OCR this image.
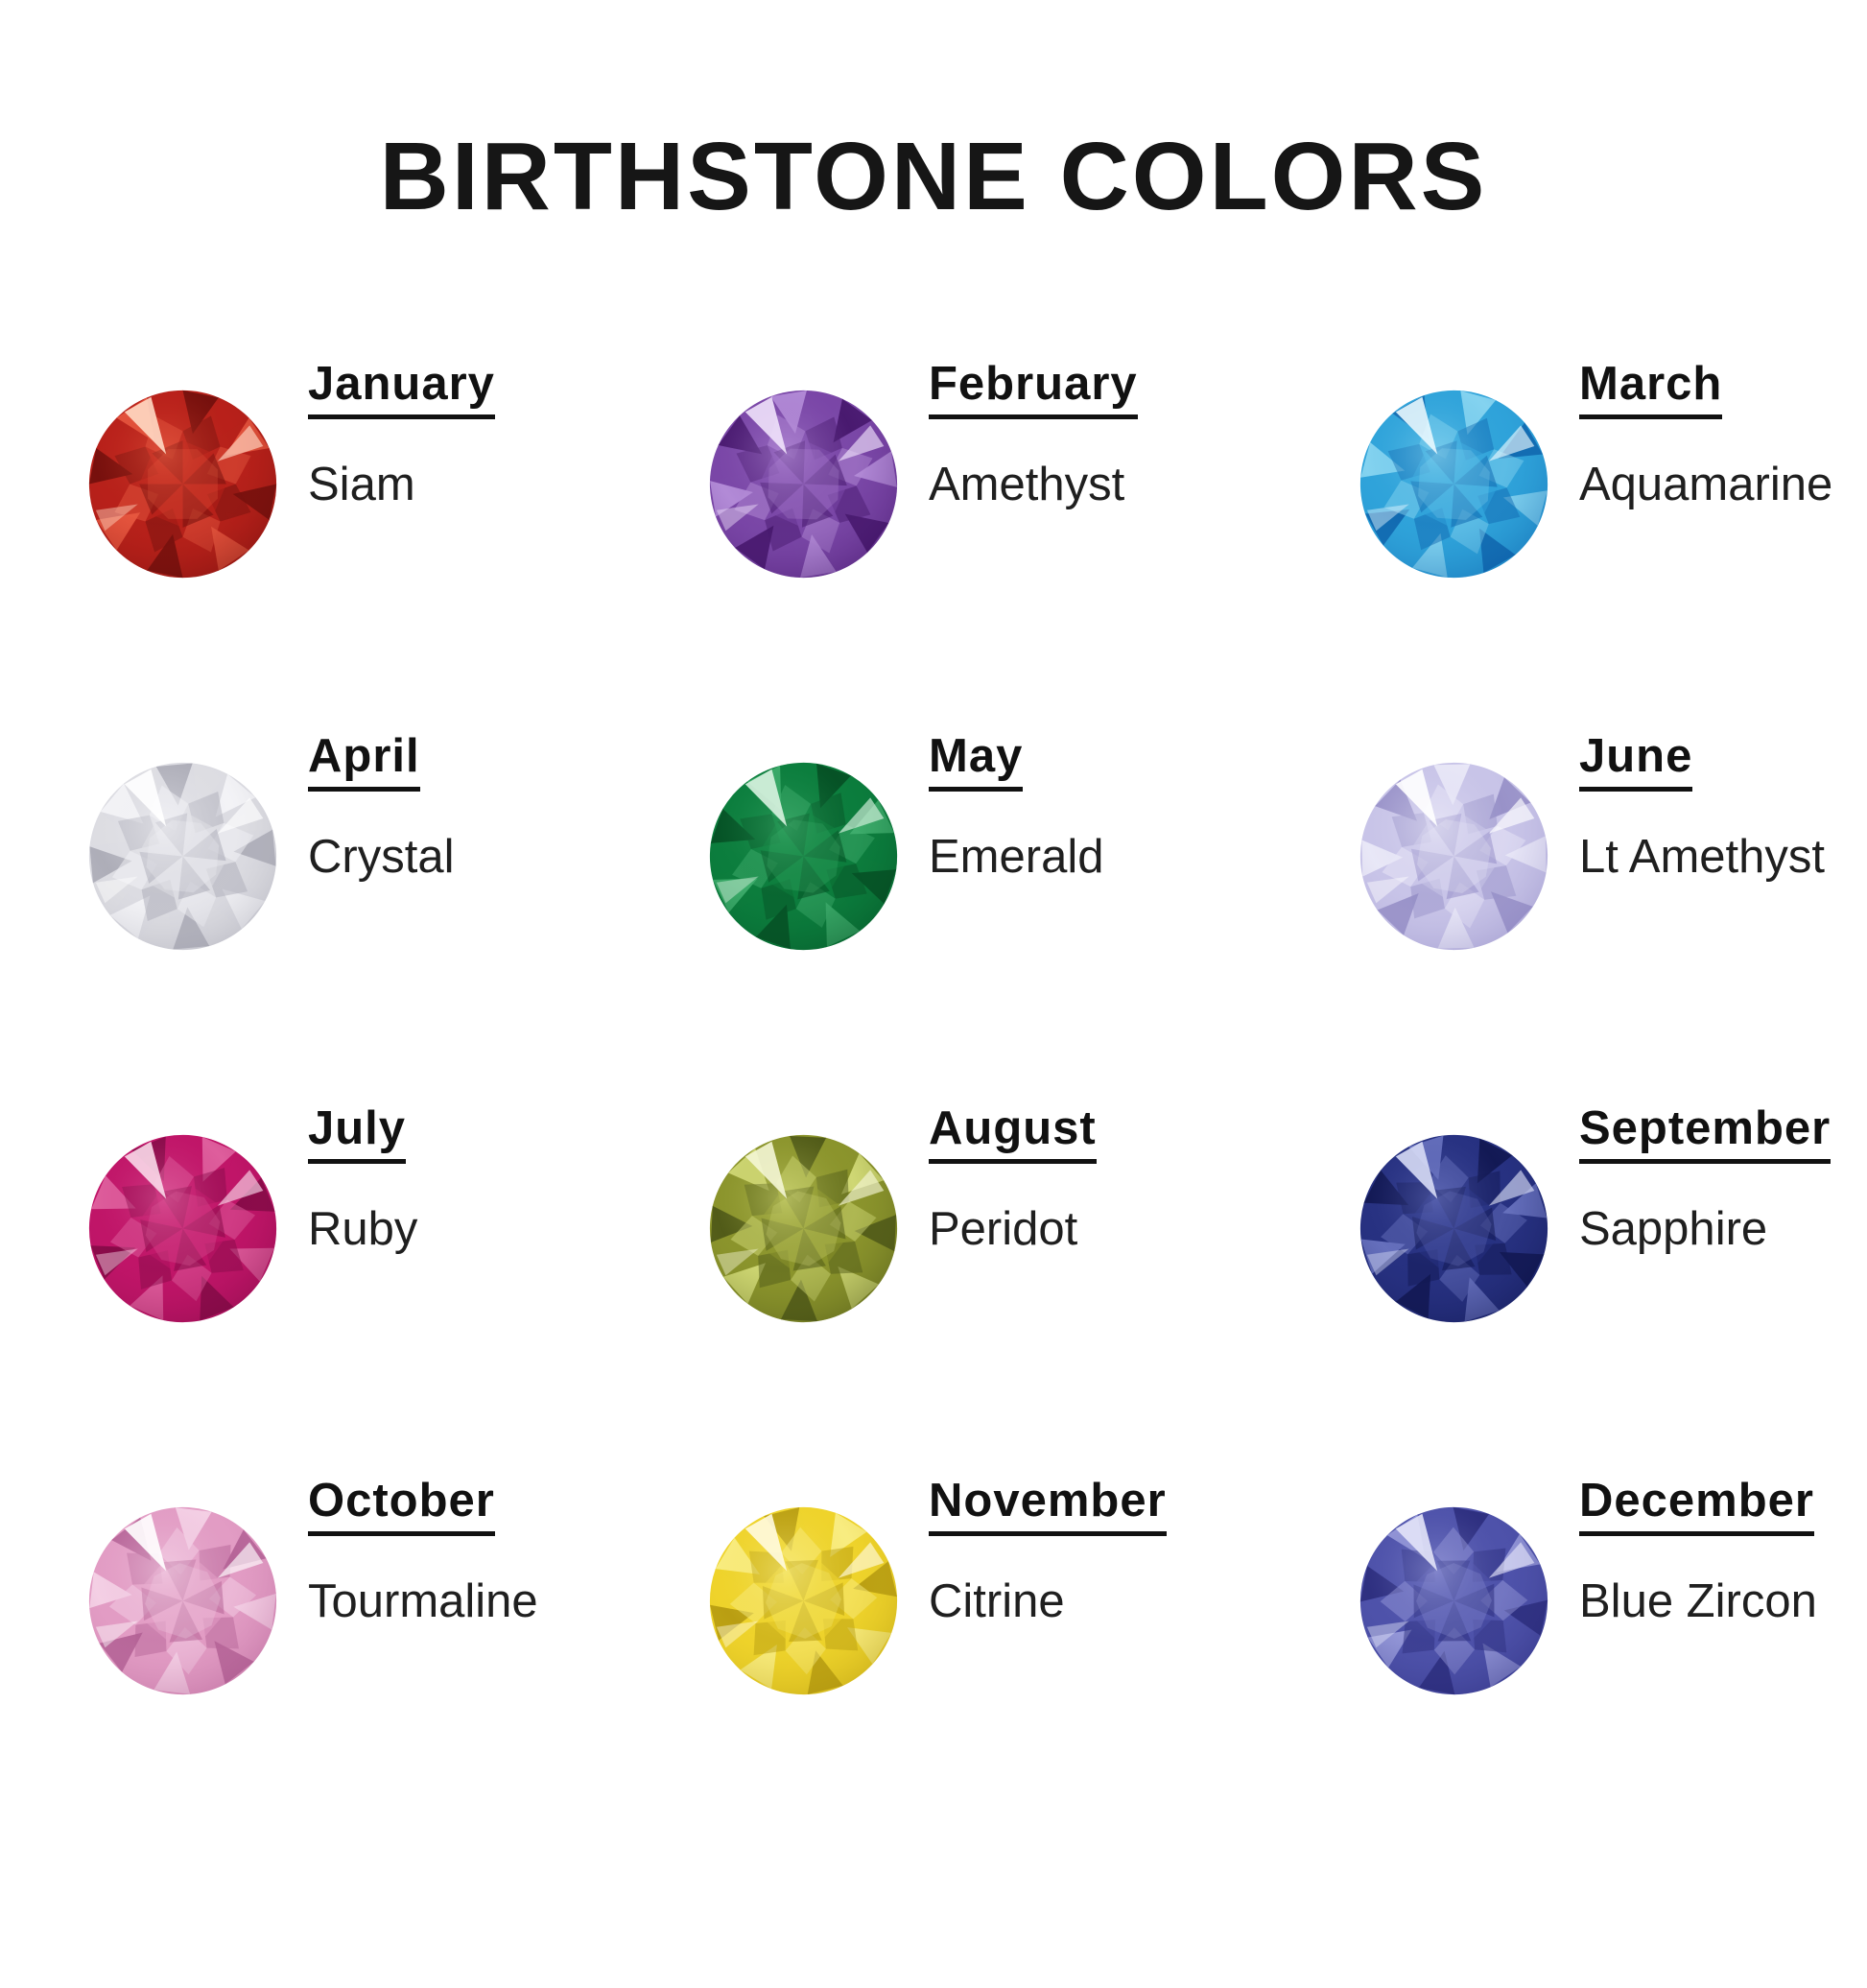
BIRTHSTONE COLORS
January
Siam
February
Amethyst
March
Aquamarine
April
Crystal
May
Emerald
June
Lt Amethyst
July
Ruby
August
Peridot
September
Sapphire
October
Tourmaline
November
Citrine
December
Blue Zircon
